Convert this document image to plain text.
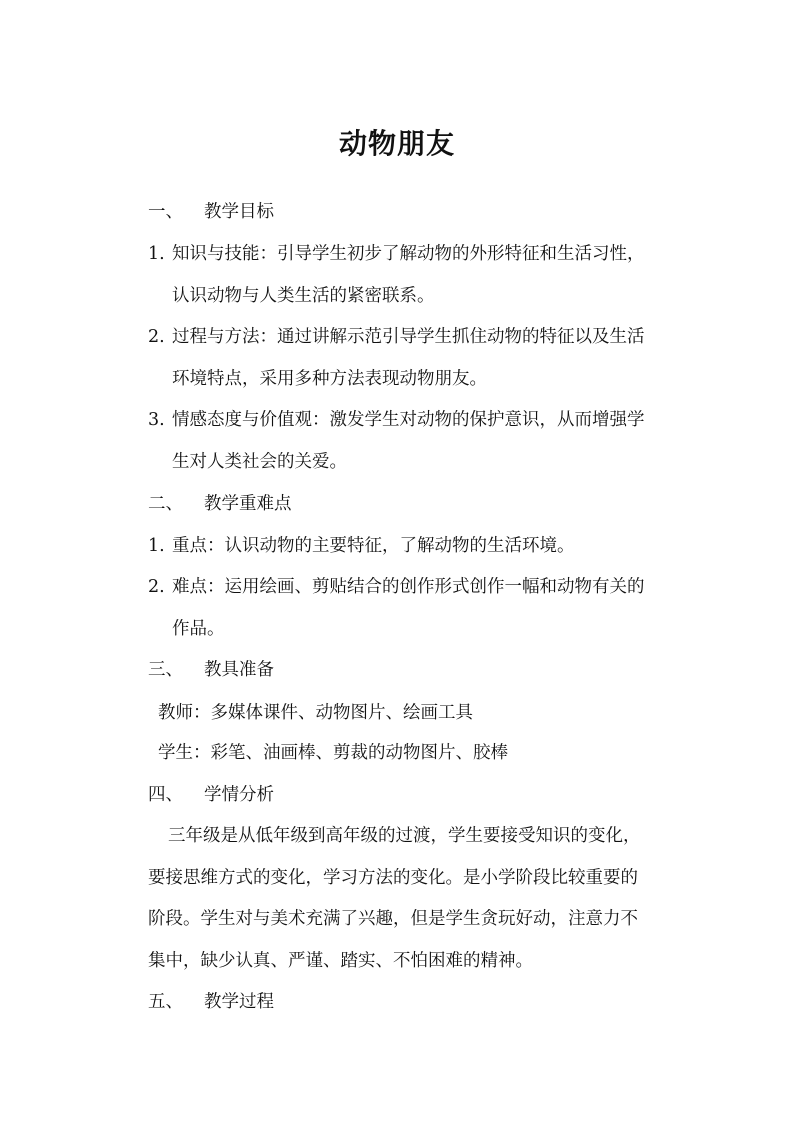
动物朋友
一、 教学目标
1. 知识与技能：引导学生初步了解动物的外形特征和生活习性，
认识动物与人类生活的紧密联系。
2. 过程与方法：通过讲解示范引导学生抓住动物的特征以及生活
环境特点，采用多种方法表现动物朋友。
3. 情感态度与价值观：激发学生对动物的保护意识，从而增强学
生对人类社会的关爱。
二、 教学重难点
1. 重点：认识动物的主要特征，了解动物的生活环境。
2. 难点：运用绘画、剪贴结合的创作形式创作一幅和动物有关的
作品。
三、 教具准备
教师：多媒体课件、动物图片、绘画工具
学生：彩笔、油画棒、剪裁的动物图片、胶棒
四、 学情分析
三年级是从低年级到高年级的过渡，学生要接受知识的变化，
要接思维方式的变化，学习方法的变化。是小学阶段比较重要的
阶段。学生对与美术充满了兴趣，但是学生贪玩好动，注意力不
集中，缺少认真、严谨、踏实、不怕困难的精神。
五、 教学过程
